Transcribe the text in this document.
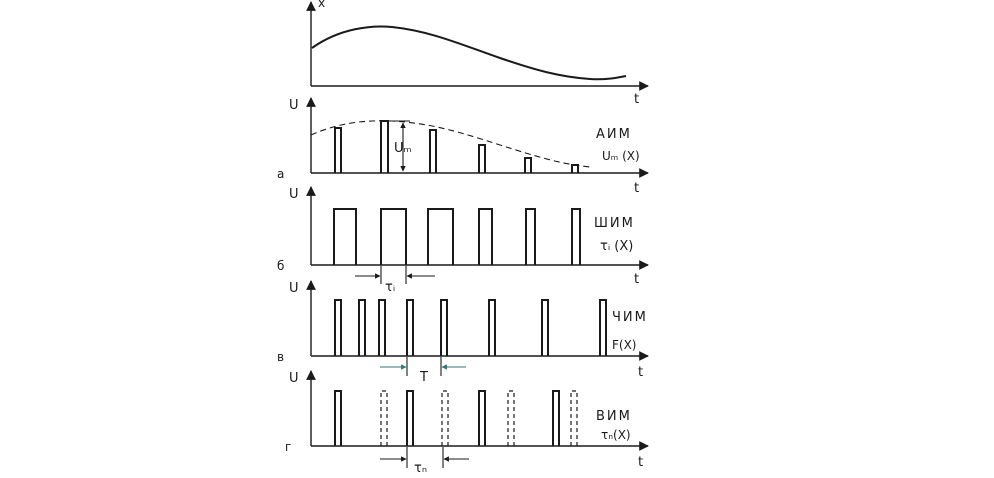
x
t
U
а
t
АИМ
Uₘ (X)
Uₘ
U
б
t
ШИМ
τᵢ (X)
τᵢ
U
в
t
ЧИМ
F(X)
T
U
г
t
ВИМ
τₙ(X)
τₙ
